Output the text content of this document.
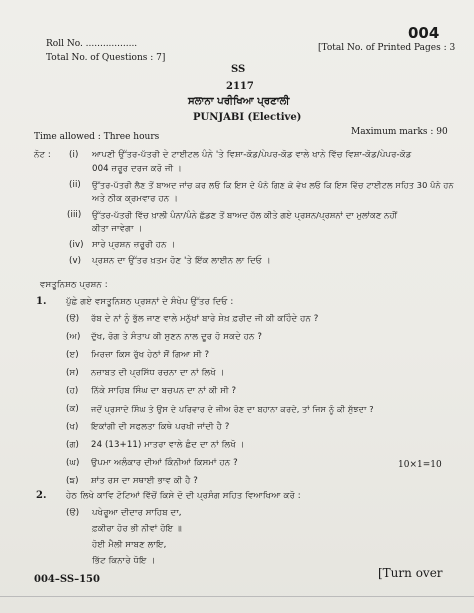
004
Roll No. ..................	[Total No. of Printed Pages : 3
Total No. of Questions : 7]
SS
2117
ਸਲਾਨਾ ਪਰੀਖਿਆ ਪ੍ਰਣਾਲੀ
PUNJABI (Elective)
Time allowed : Three hours	Maximum marks : 90
ਨੋਟ : (i) ਆਪਣੀ ਉੱਤਰ-ਪੱਤਰੀ ਦੇ ਟਾਈਟਲ ਪੰਨੇ 'ਤੇ ਵਿਸ਼ਾ-ਕੋਡ/ਪੇਪਰ-ਕੋਡ ਵਾਲੇ ਖਾਨੇ ਵਿੱਚ ਵਿਸ਼ਾ-ਕੋਡ/ਪੇਪਰ-ਕੋਡ
004 ਜ਼ਰੂਰ ਦਰਜ ਕਰੋ ਜੀ ।
(ii) ਉੱਤਰ-ਪੱਤਰੀ ਲੈਣ ਤੋਂ ਬਾਅਦ ਜਾਂਚ ਕਰ ਲਓ ਕਿ ਇਸ ਦੇ ਪੰਨੇ ਗਿਣ ਕੇ ਵੇਖ ਲਓ ਕਿ ਇਸ ਵਿੱਚ ਟਾਈਟਲ ਸਹਿਤ 30 ਪੰਨੇ ਹਨ
ਅਤੇ ਠੀਕ ਕ੍ਰਮਵਾਰ ਹਨ ।
(iii) ਉੱਤਰ-ਪੱਤਰੀ ਵਿੱਚ ਖ਼ਾਲੀ ਪੰਨਾ/ਪੰਨੇ ਛੱਡਣ ਤੋਂ ਬਾਅਦ ਹੱਲ ਕੀਤੇ ਗਏ ਪ੍ਰਸ਼ਨ/ਪ੍ਰਸ਼ਨਾਂ ਦਾ ਮੁਲਾਂਕਣ ਨਹੀਂ
ਕੀਤਾ ਜਾਵੇਗਾ ।
(iv) ਸਾਰੇ ਪ੍ਰਸ਼ਨ ਜ਼ਰੂਰੀ ਹਨ ।
(v) ਪ੍ਰਸ਼ਨ ਦਾ ਉੱਤਰ ਖ਼ਤਮ ਹੋਣ 'ਤੇ ਇੱਕ ਲਾਈਨ ਲਾ ਦਿਓ ।
ਵਸਤੂਨਿਸ਼ਠ ਪ੍ਰਸ਼ਨ :
1. ਪੁੱਛੇ ਗਏ ਵਸਤੂਨਿਸ਼ਠ ਪ੍ਰਸ਼ਨਾਂ ਦੇ ਸੰਖੇਪ ਉੱਤਰ ਦਿਓ :
(ੳ) ਰੱਬ ਦੇ ਨਾਂ ਨੂੰ ਭੁੱਲ ਜਾਣ ਵਾਲੇ ਮਨੁੱਖਾਂ ਬਾਰੇ ਸ਼ੇਖ਼ ਫ਼ਰੀਦ ਜੀ ਕੀ ਕਹਿੰਦੇ ਹਨ ?
(ਅ) ਦੁੱਖ, ਰੋਗ ਤੇ ਸੰਤਾਪ ਕੀ ਸੁਣਨ ਨਾਲ ਦੂਰ ਹੋ ਸਕਦੇ ਹਨ ?
(ੲ) ਮਿਰਜ਼ਾ ਕਿਸ ਰੁੱਖ ਹੇਠਾਂ ਸੌਂ ਗਿਆ ਸੀ ?
(ਸ) ਨਜ਼ਾਬਤ ਦੀ ਪ੍ਰਸਿੱਧ ਰਚਨਾ ਦਾ ਨਾਂ ਲਿਖੋ ।
(ਹ) ਨਿੱਕੇ ਸਾਹਿਬ ਸਿੰਘ ਦਾ ਬਚਪਨ ਦਾ ਨਾਂ ਕੀ ਸੀ ?
(ਕ) ਜਦੋਂ ਪ੍ਰਸਾਦੇ ਸਿੰਘ ਤੇ ਉਸ ਦੇ ਪਰਿਵਾਰ ਦੇ ਜੀਅ ਰੋਣ ਦਾ ਬਹਾਨਾ ਕਰਦੇ, ਤਾਂ ਜਿਸ ਨੂੰ ਕੀ ਸੁੱਝਦਾ ?
(ਖ) ਇਕਾਂਗੀ ਦੀ ਸਫਲਤਾ ਕਿਥੇ ਪਰਖੀ ਜਾਂਦੀ ਹੈ ?
(ਗ) 24 (13+11) ਮਾਤਰਾ ਵਾਲੇ ਛੰਦ ਦਾ ਨਾਂ ਲਿਖੋ ।
(ਘ) ਉਪਮਾ ਅਲੰਕਾਰ ਦੀਆਂ ਕਿੰਨੀਆਂ ਕਿਸਮਾਂ ਹਨ ?
(ਙ) ਸ਼ਾਂਤ ਰਸ ਦਾ ਸਥਾਈ ਭਾਵ ਕੀ ਹੈ ?
10×1=10
2. ਹੇਠ ਲਿਖੇ ਕਾਵਿ ਟੋਟਿਆਂ ਵਿੱਚੋਂ ਕਿਸੇ ਦੋ ਦੀ ਪ੍ਰਸੰਗ ਸਹਿਤ ਵਿਆਖਿਆ ਕਰੋ :
(ੳ) ਪਖੇਰੂਆ ਦੀਦਾਰ ਸਾਹਿਬ ਦਾ,
ਫ਼ਕੀਰਾ ਹੋਰ ਭੀ ਨੀਵਾਂ ਹੋਇ ॥
ਹੋਈ ਮੈਲੀ ਸਾਬਣ ਲਾਇ,
ਭਿੱਟ ਕਿਨਾਰੇ ਧੋਇ ।
004–SS–150	[Turn over
